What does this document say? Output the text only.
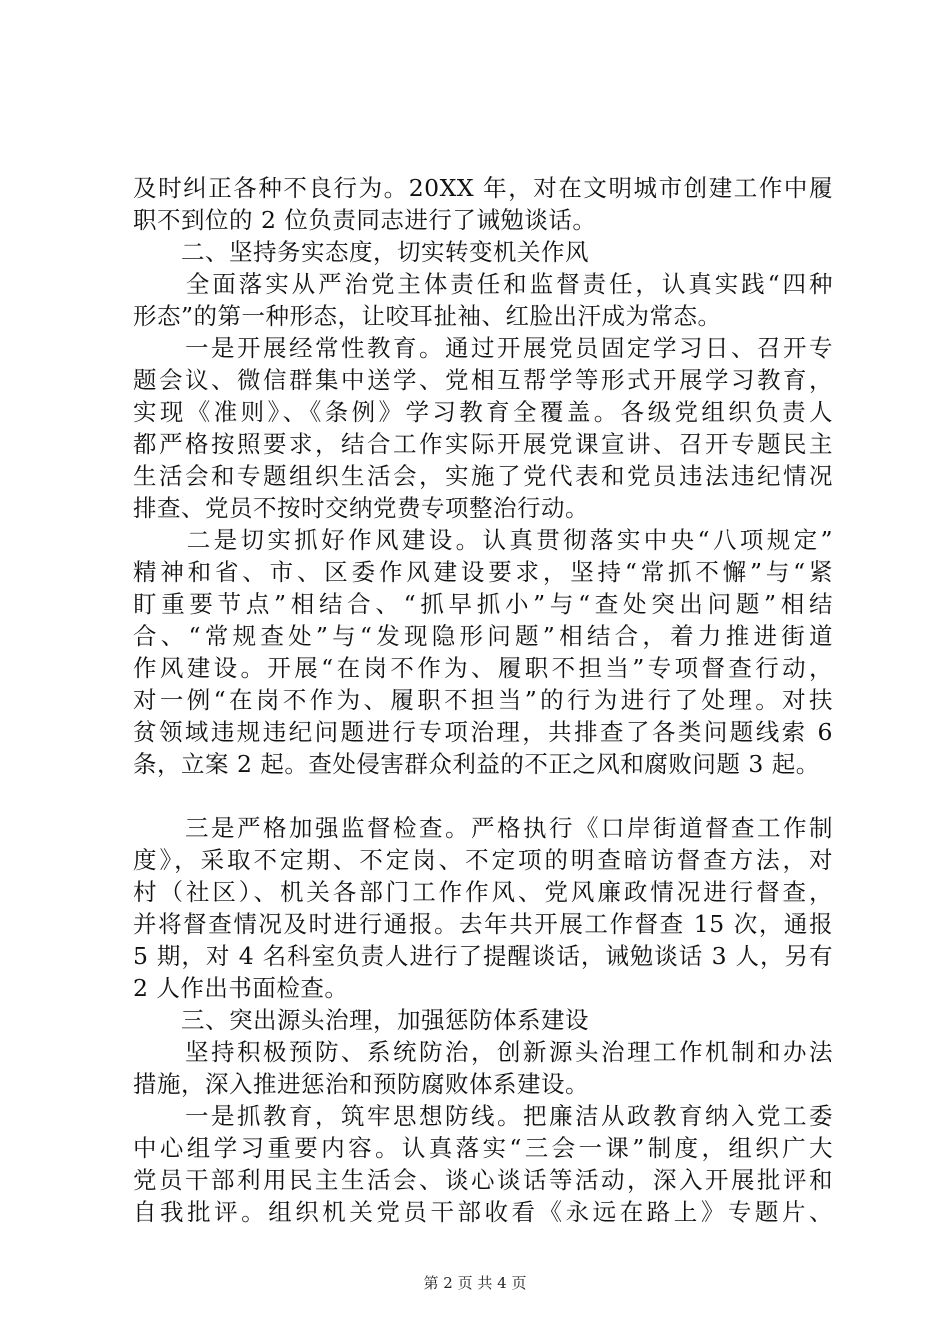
及时纠正各种不良行为。20XX 年，对在文明城市创建工作中履
职不到位的 2 位负责同志进行了诫勉谈话。
　　二、坚持务实态度，切实转变机关作风
　　全面落实从严治党主体责任和监督责任，认真实践“四种
形态”的第一种形态，让咬耳扯袖、红脸出汗成为常态。
　　一是开展经常性教育。通过开展党员固定学习日、召开专
题会议、微信群集中送学、党相互帮学等形式开展学习教育，
实现《准则》、《条例》学习教育全覆盖。各级党组织负责人
都严格按照要求，结合工作实际开展党课宣讲、召开专题民主
生活会和专题组织生活会，实施了党代表和党员违法违纪情况
排查、党员不按时交纳党费专项整治行动。
　　二是切实抓好作风建设。认真贯彻落实中央“八项规定”
精神和省、市、区委作风建设要求，坚持“常抓不懈”与“紧
盯重要节点”相结合、“抓早抓小”与“查处突出问题”相结
合、“常规查处”与“发现隐形问题”相结合，着力推进街道
作风建设。开展“在岗不作为、履职不担当”专项督查行动，
对一例“在岗不作为、履职不担当”的行为进行了处理。对扶
贫领域违规违纪问题进行专项治理，共排查了各类问题线索 6
条，立案 2 起。查处侵害群众利益的不正之风和腐败问题 3 起。
　　三是严格加强监督检查。严格执行《口岸街道督查工作制
度》，采取不定期、不定岗、不定项的明查暗访督查方法，对
村（社区）、机关各部门工作作风、党风廉政情况进行督查，
并将督查情况及时进行通报。去年共开展工作督查 15 次，通报
5 期，对 4 名科室负责人进行了提醒谈话，诫勉谈话 3 人，另有
2 人作出书面检查。
　　三、突出源头治理，加强惩防体系建设
　　坚持积极预防、系统防治，创新源头治理工作机制和办法
措施，深入推进惩治和预防腐败体系建设。
　　一是抓教育，筑牢思想防线。把廉洁从政教育纳入党工委
中心组学习重要内容。认真落实“三会一课”制度，组织广大
党员干部利用民主生活会、谈心谈话等活动，深入开展批评和
自我批评。组织机关党员干部收看《永远在路上》专题片、
第 2 页 共 4 页
